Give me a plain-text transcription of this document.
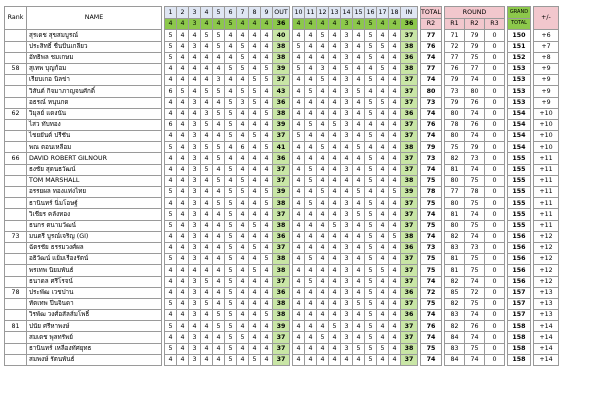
Rank	NAME		1	2	3	4	5	6	7	8	9	OUT		10	11	12	13	14	15	16	17	18	IN		TOTAL		ROUND				GRAND		+/-
			4	4	3	4	4	5	4	4	4	36		4	4	4	4	3	4	5	4	4	36		R2		R1	R2	R3		TOTAL		
	สุรเดช สุขสมบูรณ์		5	4	4	5	5	4	4	4	4	40		4	4	5	4	3	4	5	4	4	37		77		71	79	0		150		+6
	ประสิทธิ์ ชื่นปั่นเกลียว		5	4	3	4	5	4	5	4	4	38		5	4	4	4	3	4	5	5	4	38		76		72	79	0		151		+7
	อัทธิพล ชมเกษม		5	4	4	4	4	4	5	4	4	38		4	4	4	4	3	4	5	4	4	36		74		77	75	0		152		+8
58	สุเทพ บุญก้อม		4	4	4	4	4	5	5	4	5	39		5	4	3	4	5	4	4	5	4	38		77		76	77	0		153		+9
	เรียบเกอ นิลข่า		4	4	4	4	3	4	4	5	5	37		4	4	5	4	3	4	5	4	4	37		74		79	74	0		153		+9
	วิสันต์ กิจมาภาญจนศักดิ์		6	5	4	5	5	4	5	5	4	43		4	5	4	4	3	5	4	4	4	37		80		73	80	0		153		+9
	อธรณ์ หนุนกด		4	4	3	4	4	5	3	5	4	36		4	4	4	4	3	4	5	5	4	37		73		79	76	0		153		+9
62	วิมุลย์ แดงนัน		4	4	4	3	5	5	4	4	5	38		4	4	4	4	3	4	5	4	4	36		74		80	74	0		154		+10
	ไสว ทับทอง		6	4	3	5	4	5	4	4	4	39		4	5	4	5	3	4	4	4	4	37		76		78	76	0		154		+10
	ไชยยันต์ ปรีชัน		4	4	3	4	4	5	4	5	4	37		5	4	4	4	3	4	5	4	4	37		74		80	74	0		154		+10
	พณ ตอนเหลือม		5	4	3	5	5	4	6	4	5	41		4	4	5	4	4	5	4	4	4	38		79		75	79	0		154		+10
66	DAVID ROBERT GILNOUR		4	4	3	4	5	4	4	4	4	36		4	4	4	4	4	4	5	4	4	37		73		82	73	0		155		+11
	ธงชัย สุดนธวัฒน์		4	4	3	5	4	5	4	4	4	37		4	5	4	4	3	4	5	4	4	37		74		81	74	0		155		+11
	TOM MARSHALL		4	4	3	4	5	4	5	4	4	37		4	5	4	4	4	4	5	4	4	38		75		80	75	0		155		+11
	อรรยผล ทองแท่งไทย		5	4	3	4	4	5	5	4	5	39		4	4	5	4	4	5	4	4	5	39		78		77	78	0		155		+11
	ธานินทร์ นิ่มโอษฐ์		4	4	3	4	5	5	4	4	5	38		4	5	4	4	3	4	5	4	4	37		75		80	75	0		155		+11
	วิเชียร คลังทอง		5	4	3	4	4	5	4	4	4	37		4	4	4	4	3	5	5	4	4	37		74		81	74	0		155		+11
	ธนกร ตนามวัฒน์		5	4	3	4	4	5	4	5	4	38		4	4	4	5	3	4	5	4	4	37		75		80	75	0		155		+11
73	มนตรี บูรณ์เจริญ (GI)		4	4	3	4	4	5	4	4	4	36		4	4	4	4	4	4	5	4	5	38		74		82	74	0		156		+12
	ฉัตรชัย ธรรมวงศ์ผล		4	4	3	4	4	5	4	5	4	37		4	4	4	4	3	4	5	4	4	36		73		83	73	0		156		+12
	อธิวัฒน์ แย้มเรืองรัตน์		5	4	3	4	4	5	4	4	5	38		4	5	4	4	3	4	5	4	4	37		75		81	75	0		156		+12
	พรเทพ นิยมพันธ์		4	4	4	4	4	5	4	5	4	38		4	4	4	4	3	4	5	5	4	37		75		81	75	0		156		+12
	ธนาดล ศรีโรจน์		4	4	3	5	4	5	4	4	4	37		4	5	4	4	3	4	5	4	4	37		74		82	74	0		156		+12
78	ประพัฒ เวชปาน		4	4	3	4	4	5	4	4	4	36		4	4	4	4	3	4	5	4	4	36		72		85	72	0		157		+13
	ทัตเทพ ปีนจินดา		5	4	3	5	4	5	4	4	4	38		4	4	4	4	3	5	5	4	4	37		75		82	75	0		157		+13
	วิรพัฒ วงศ์อสัลส์มโพธิ์		4	4	3	4	5	5	4	4	5	38		4	4	4	4	3	4	5	4	4	36		74		83	74	0		157		+13
81	ปนัย ศรีหาพงษ์		5	4	4	4	5	5	4	4	4	39		4	4	4	5	3	4	5	4	4	37		76		82	76	0		158		+14
	สมเดช พุลทรัพย์		4	4	3	4	4	5	5	4	4	37		4	4	5	4	3	4	5	4	4	37		74		84	74	0		158		+14
	ธานินทร์ เหลืองทัศยุทธ		5	4	3	4	4	5	4	4	4	37		4	4	4	4	3	5	5	5	4	38		75		83	75	0		158		+14
	สมพงษ์ รัตนพันธ์		4	4	3	4	4	5	4	5	4	37		4	4	4	4	4	4	5	4	4	37		74		84	74	0		158		+14
